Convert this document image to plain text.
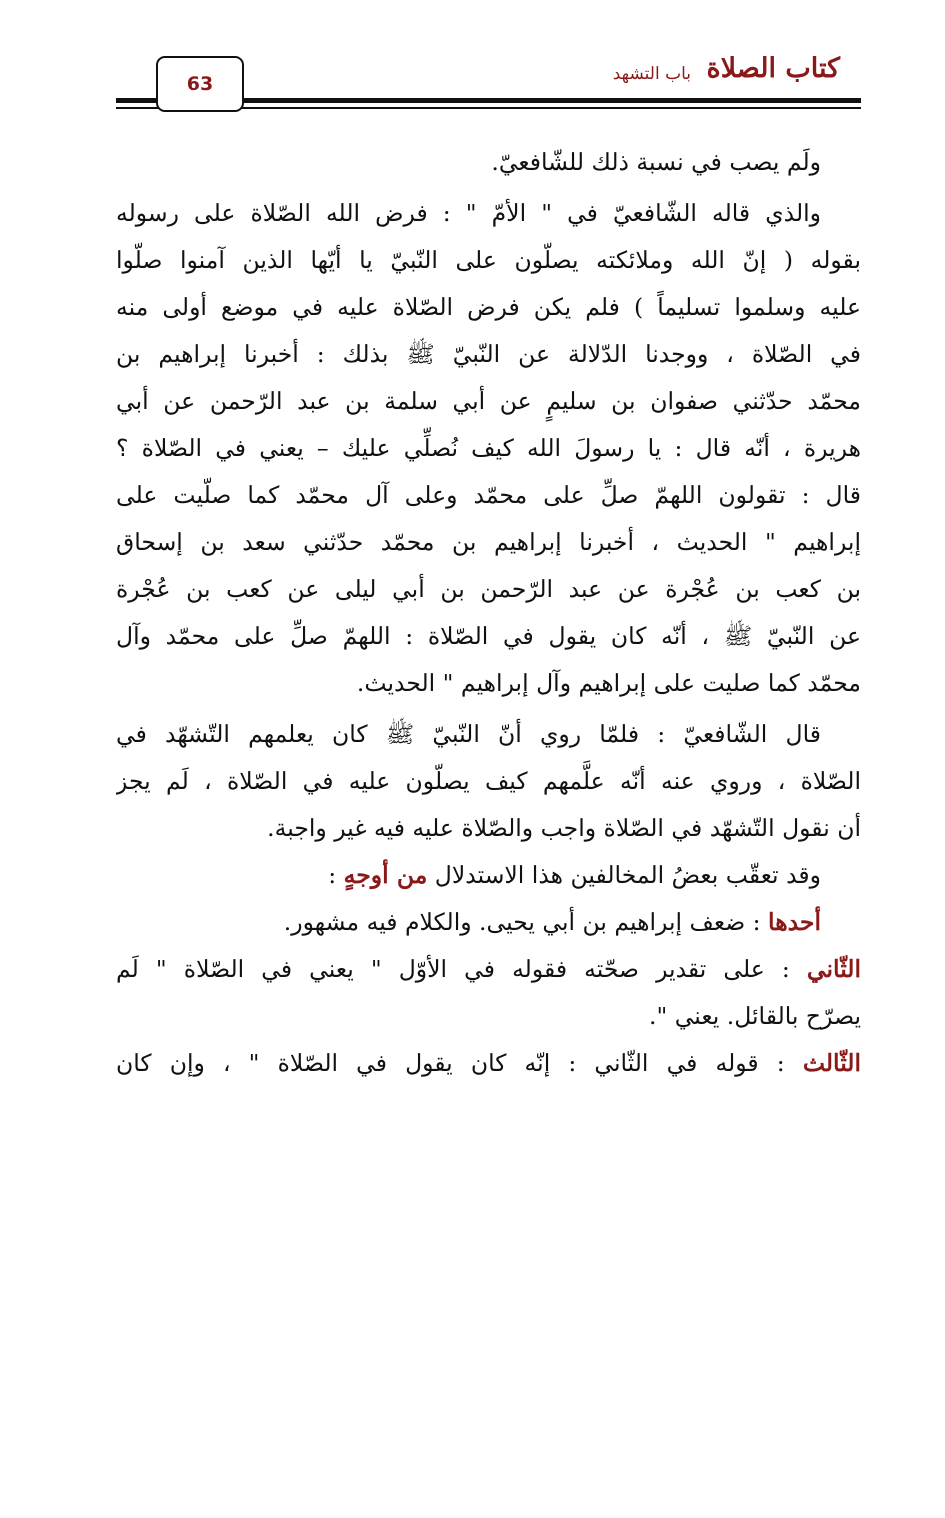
كتاب الصلاة
باب التشهد
63
ولَم يصب في نسبة ذلك للشّافعيّ.
والذي قاله الشّافعيّ في " الأمّ " : فرض الله الصّلاة على رسوله
بقوله ( إنّ الله وملائكته يصلّون على النّبيّ يا أيّها الذين آمنوا صلّوا
عليه وسلموا تسليماً ) فلم يكن فرض الصّلاة عليه في موضع أولى منه
في الصّلاة ، ووجدنا الدّلالة عن النّبيّ ﷺ بذلك : أخبرنا إبراهيم بن
محمّد حدّثني صفوان بن سليمٍ عن أبي سلمة بن عبد الرّحمن عن أبي
هريرة ، أنّه قال : يا رسولَ الله كيف نُصلِّي عليك – يعني في الصّلاة ؟
قال : تقولون اللهمّ صلِّ على محمّد وعلى آل محمّد كما صلّيت على
إبراهيم " الحديث ، أخبرنا إبراهيم بن محمّد حدّثني سعد بن إسحاق
بن كعب بن عُجْرة عن عبد الرّحمن بن أبي ليلى عن كعب بن عُجْرة
عن النّبيّ ﷺ ، أنّه كان يقول في الصّلاة : اللهمّ صلِّ على محمّد وآل
محمّد كما صليت على إبراهيم وآل إبراهيم " الحديث.
قال الشّافعيّ : فلمّا روي أنّ النّبيّ ﷺ كان يعلمهم التّشهّد في
الصّلاة ، وروي عنه أنّه علَّمهم كيف يصلّون عليه في الصّلاة ، لَم يجز
أن نقول التّشهّد في الصّلاة واجب والصّلاة عليه فيه غير واجبة.
وقد تعقّب بعضُ المخالفين هذا الاستدلال من أوجهٍ :
أحدها : ضعف إبراهيم بن أبي يحيى. والكلام فيه مشهور.
الثّاني : على تقدير صحّته فقوله في الأوّل " يعني في الصّلاة " لَم
يصرّح بالقائل. يعني ".
الثّالث : قوله في الثّاني : إنّه كان يقول في الصّلاة " ، وإن كان
